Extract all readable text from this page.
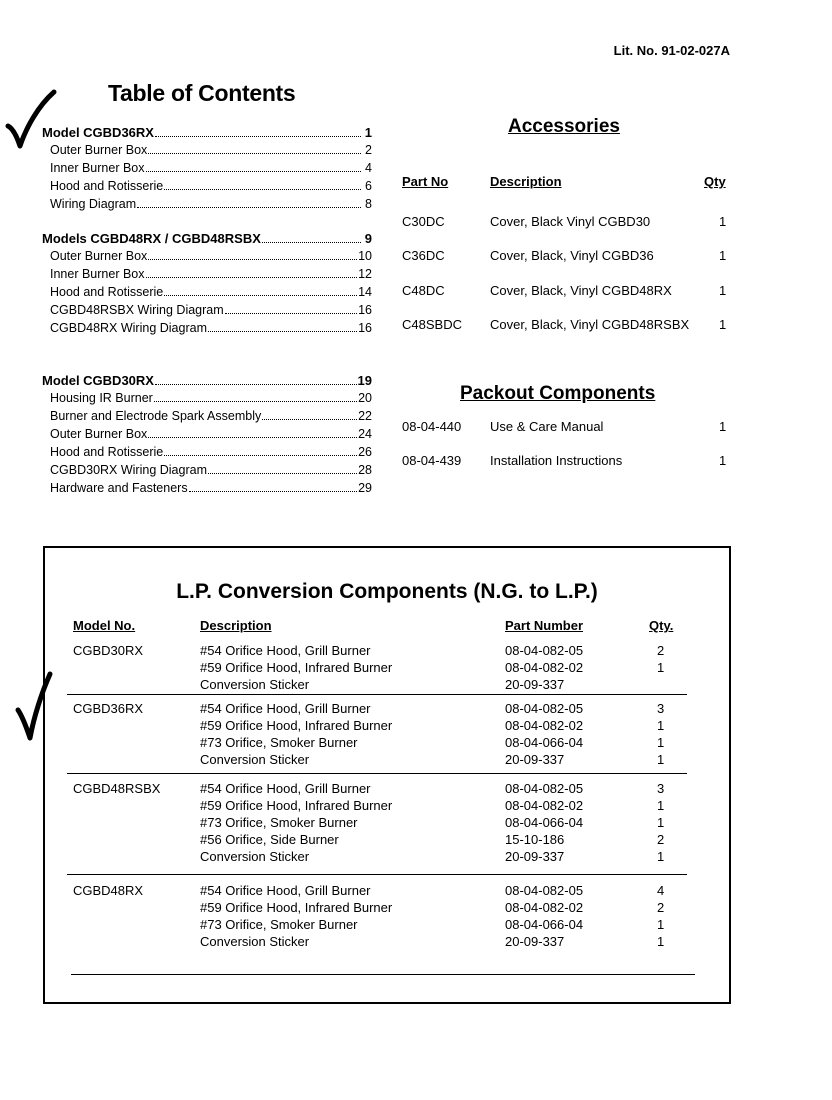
Lit. No. 91-02-027A
Table of Contents
Model CGBD36RX	1
Outer Burner Box	2
Inner Burner Box	4
Hood and Rotisserie	6
Wiring Diagram	8
Models CGBD48RX / CGBD48RSBX	9
Outer Burner Box	10
Inner Burner Box	12
Hood and Rotisserie	14
CGBD48RSBX Wiring Diagram	16
CGBD48RX Wiring Diagram	16
Model CGBD30RX	19
Housing IR Burner	20
Burner and Electrode Spark Assembly	22
Outer Burner Box	24
Hood and Rotisserie	26
CGBD30RX Wiring Diagram	28
Hardware and Fasteners	29
Accessories
Part No	Description	Qty
C30DC	Cover, Black Vinyl CGBD30	1
C36DC	Cover, Black, Vinyl CGBD36	1
C48DC	Cover, Black, Vinyl CGBD48RX	1
C48SBDC Cover, Black, Vinyl CGBD48RSBX 1
Packout Components
08-04-440 Use & Care Manual	1
08-04-439 Installation Instructions	1
L.P. Conversion Components (N.G. to L.P.)
Model No.	Description	Part Number	Qty.
CGBD30RX	#54 Orifice Hood, Grill Burner	08-04-082-05	2
#59 Orifice Hood, Infrared Burner	08-04-082-02	1
Conversion Sticker	20-09-337
CGBD36RX	#54 Orifice Hood, Grill Burner	08-04-082-05	3
#59 Orifice Hood, Infrared Burner	08-04-082-02	1
#73 Orifice, Smoker Burner	08-04-066-04	1
Conversion Sticker	20-09-337	1
CGBD48RSBX	#54 Orifice Hood, Grill Burner	08-04-082-05	3
#59 Orifice Hood, Infrared Burner	08-04-082-02	1
#73 Orifice, Smoker Burner	08-04-066-04	1
#56 Orifice, Side Burner	15-10-186	2
Conversion Sticker	20-09-337	1
CGBD48RX	#54 Orifice Hood, Grill Burner	08-04-082-05	4
#59 Orifice Hood, Infrared Burner	08-04-082-02	2
#73 Orifice, Smoker Burner	08-04-066-04	1
Conversion Sticker	20-09-337	1
